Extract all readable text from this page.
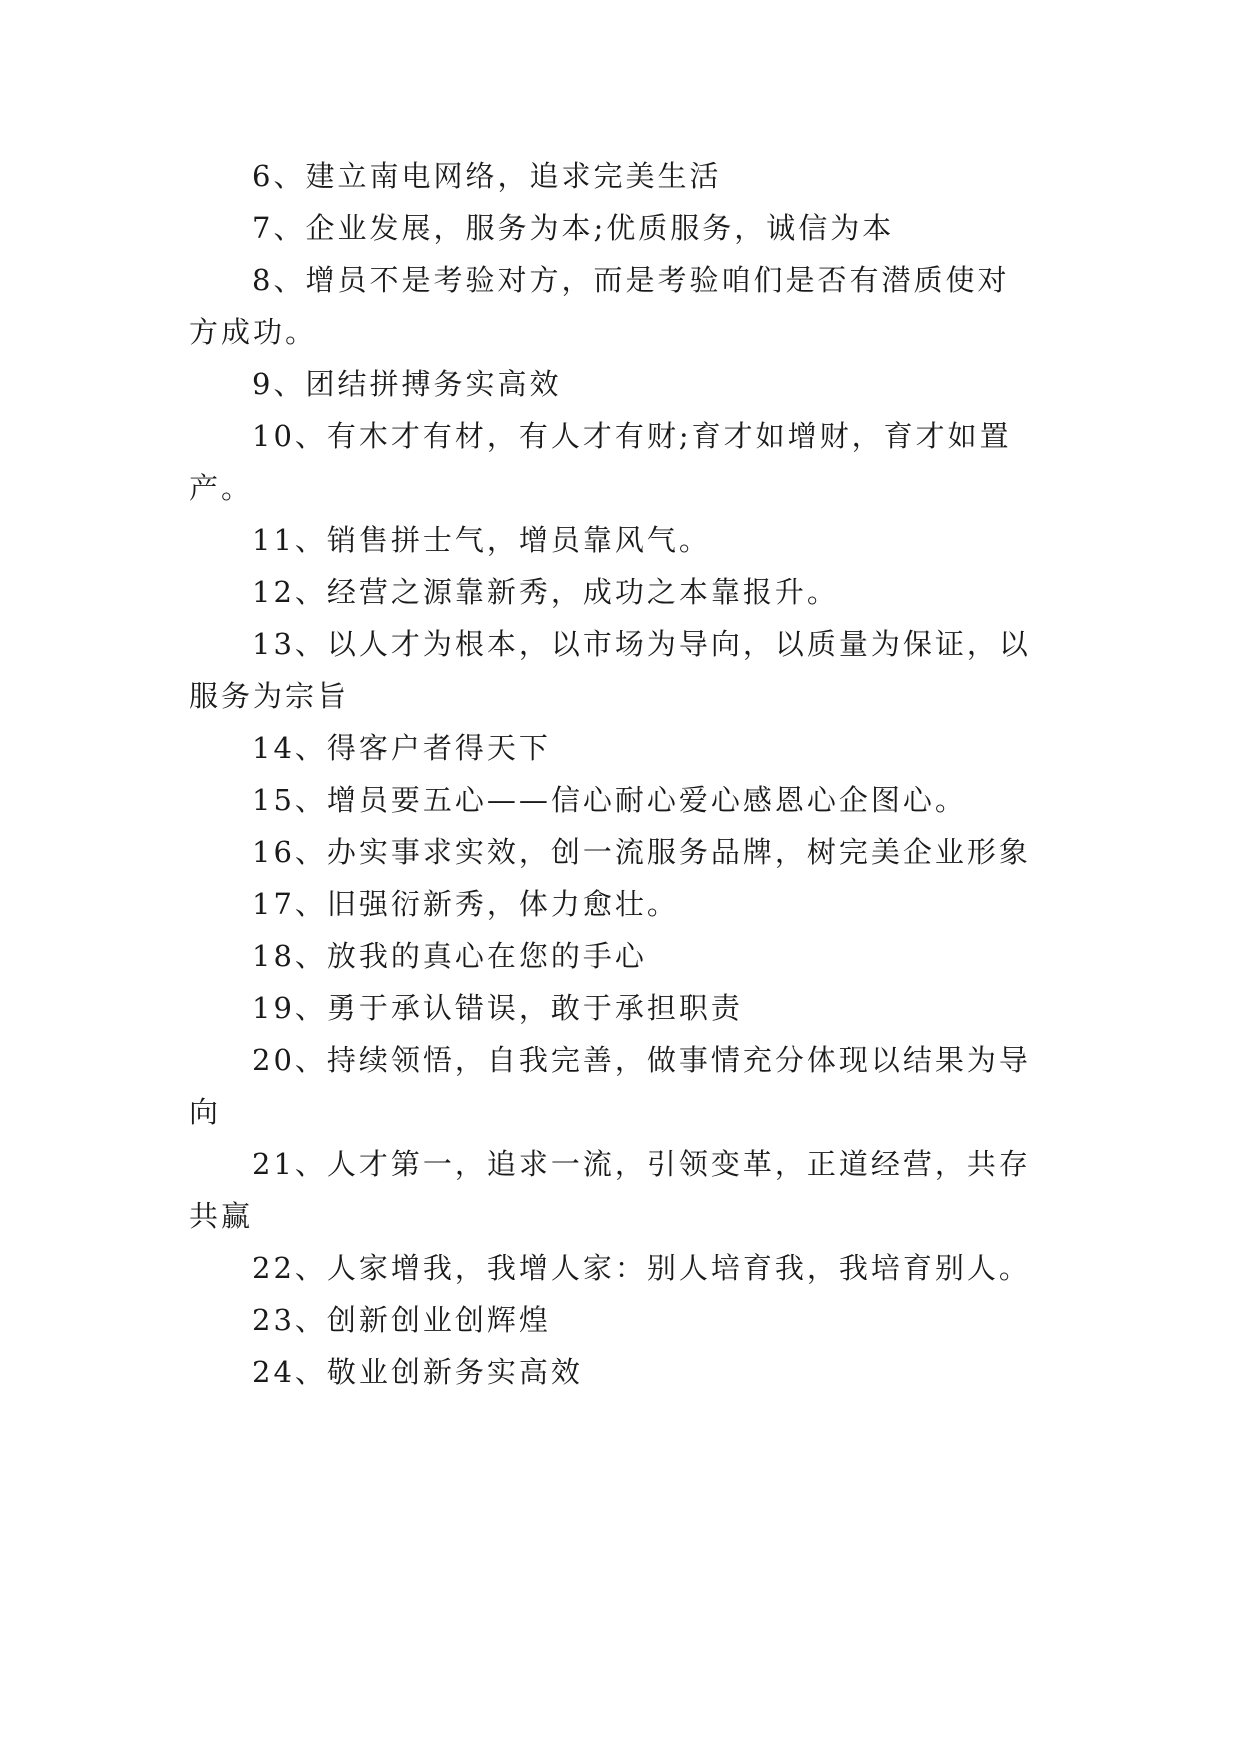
6、建立南电网络，追求完美生活
7、企业发展，服务为本;优质服务，诚信为本
8、增员不是考验对方，而是考验咱们是否有潜质使对
方成功。
9、团结拼搏务实高效
10、有木才有材，有人才有财;育才如增财，育才如置
产。
11、销售拼士气，增员靠风气。
12、经营之源靠新秀，成功之本靠报升。
13、以人才为根本，以市场为导向，以质量为保证，以
服务为宗旨
14、得客户者得天下
15、增员要五心——信心耐心爱心感恩心企图心。
16、办实事求实效，创一流服务品牌，树完美企业形象
17、旧强衍新秀，体力愈壮。
18、放我的真心在您的手心
19、勇于承认错误，敢于承担职责
20、持续领悟，自我完善，做事情充分体现以结果为导
向
21、人才第一，追求一流，引领变革，正道经营，共存
共赢
22、人家增我，我增人家：别人培育我，我培育别人。
23、创新创业创辉煌
24、敬业创新务实高效
